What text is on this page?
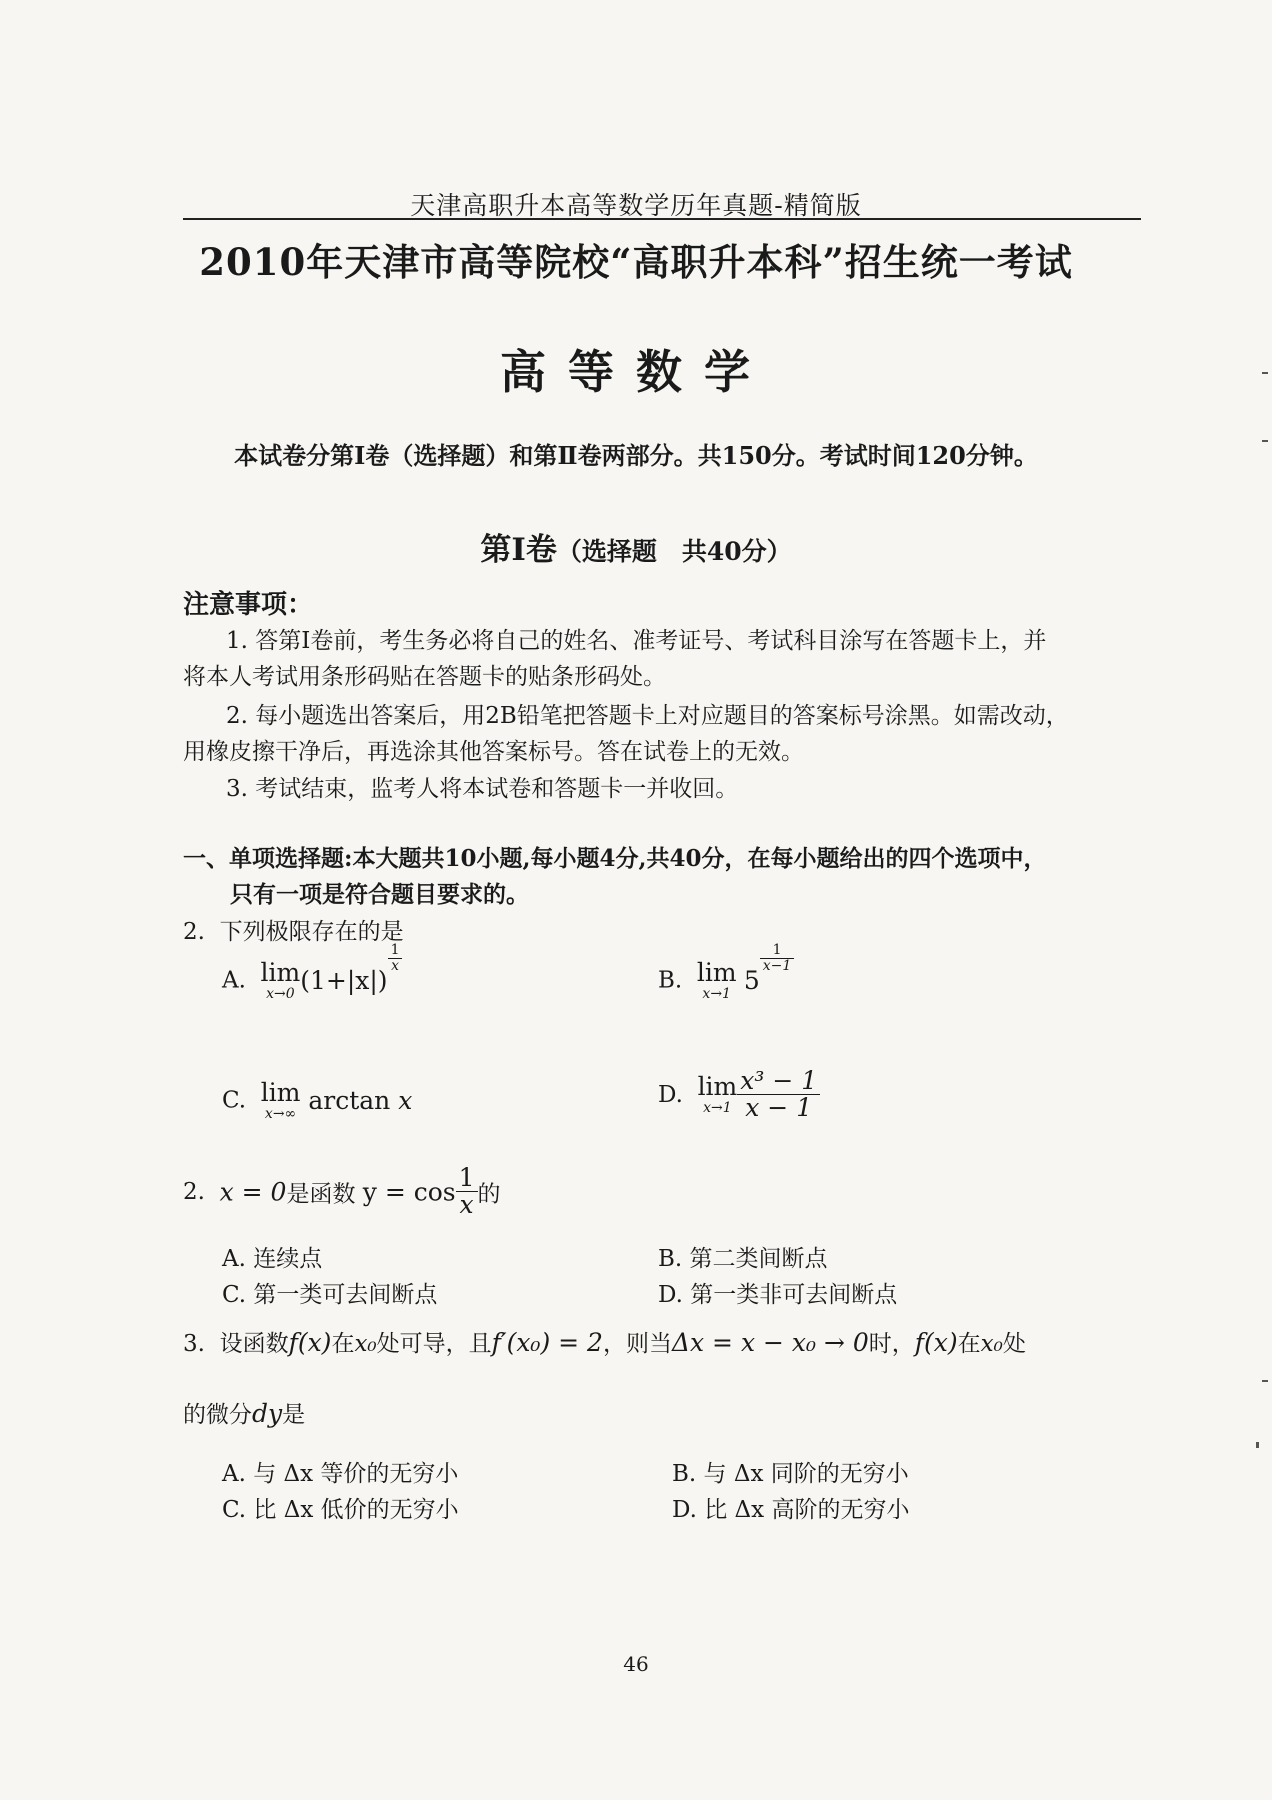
天津高职升本高等数学历年真题-精简版
2010年天津市高等院校“高职升本科”招生统一考试
高等数学
本试卷分第Ⅰ卷（选择题）和第Ⅱ卷两部分。共150分。考试时间120分钟。
第Ⅰ卷（选择题　共40分）
注意事项：
1. 答第Ⅰ卷前，考生务必将自己的姓名、准考证号、考试科目涂写在答题卡上，并
将本人考试用条形码贴在答题卡的贴条形码处。
2. 每小题选出答案后，用2B铅笔把答题卡上对应题目的答案标号涂黑。如需改动，
用橡皮擦干净后，再选涂其他答案标号。答在试卷上的无效。
3. 考试结束，监考人将本试卷和答题卡一并收回。
一、单项选择题:本大题共10小题,每小题4分,共40分，在每小题给出的四个选项中，
只有一项是符合题目要求的。
2. 下列极限存在的是
A. lim
x→0 (1+|x|)
$\frac{1}{x}$
B. lim
x→1 5
$\frac{1}{x-1}$
C. lim
x→∞ arctan x	D. lim
$x\to 1 \frac{\text{x³ − 1}}{x - 1}$
2. x = 0是函数 $y = \cos \frac{1}{x}$ 的
A. 连续点	B. 第二类间断点
C. 第一类可去间断点	D. 第一类非可去间断点
3. 设函数f(x)在x₀处可导，且f′(x₀) = 2，则当Δx = x − x₀ → 0时，f(x)在x₀处
的微分dy是
A. 与 Δx 等价的无穷小	B. 与 Δx 同阶的无穷小
C. 比 Δx 低价的无穷小	D. 比 Δx 高阶的无穷小
46
